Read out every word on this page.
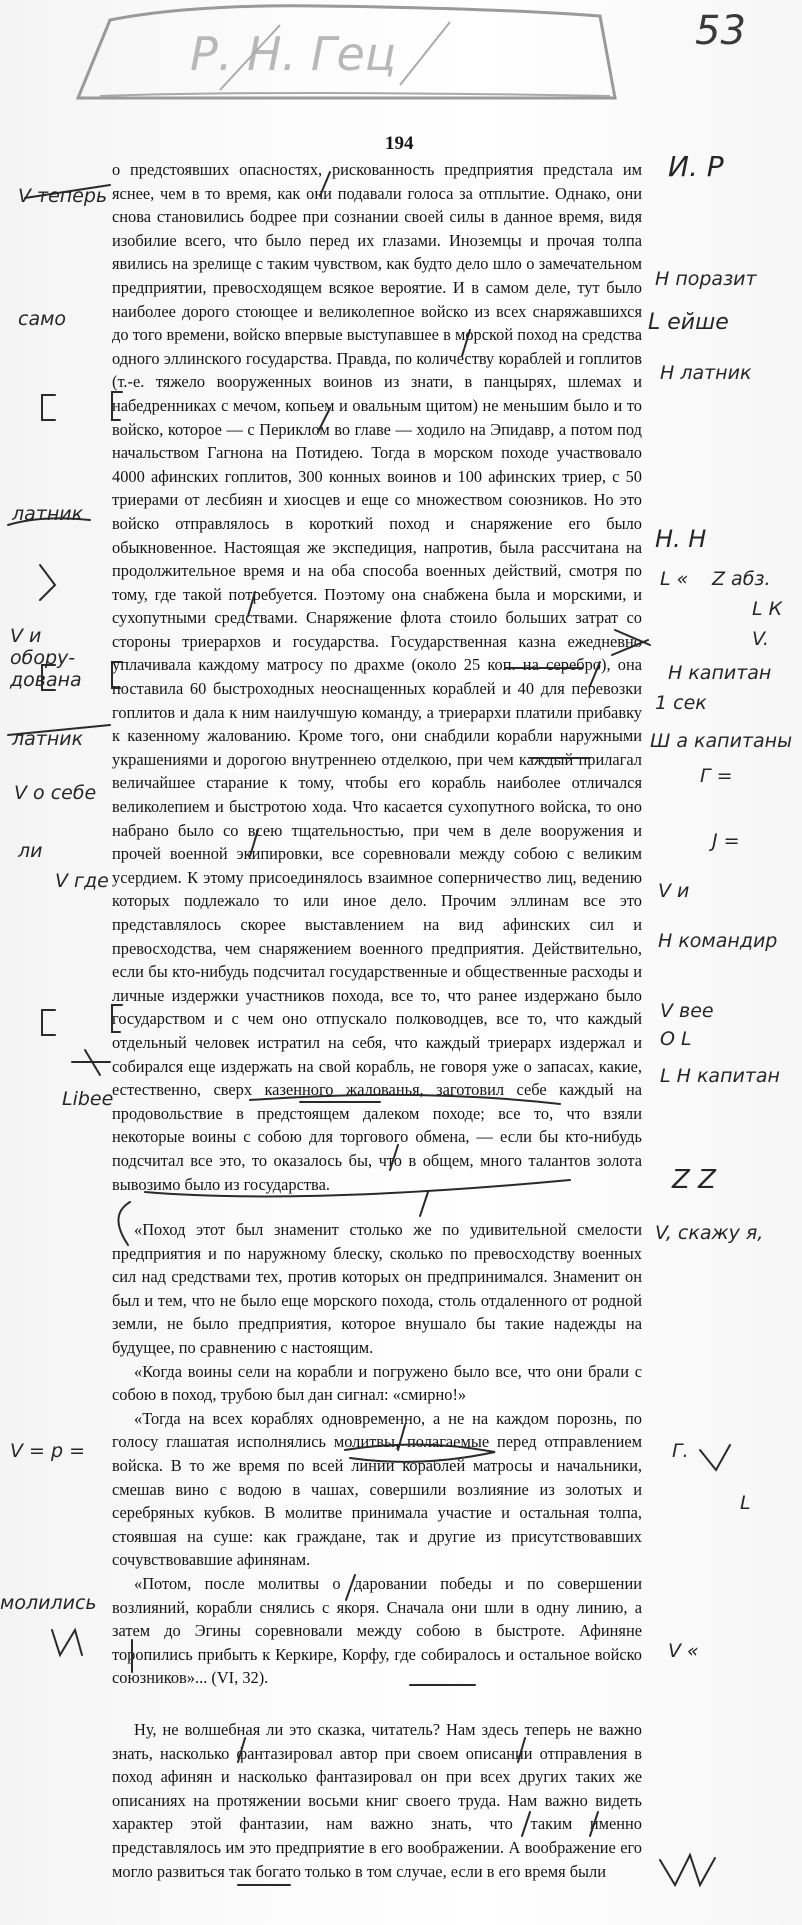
Р. Н. Гец	53
194

о предстоявших опасностях, рискованность предприятия предстала им яснее, чем в то время, как они подавали голоса за отплытие. Однако, они снова становились бодрее при сознании своей силы в данное время, видя изобилие всего, что было перед их глазами. Иноземцы и прочая толпа явились на зрелище с таким чувством, как будто дело шло о замечательном предприятии, превосходящем всякое вероятие. И в самом деле, тут было наиболее дорого стоющее и великолепное войско из всех снаряжавшихся до того времени, войско впервые выступавшее в морской поход на средства одного эллинского государства. Правда, по количеству кораблей и гоплитов (т.-е. тяжело вооруженных воинов из знати, в панцырях, шлемах и набедренниках с мечом, копьем и овальным щитом) не меньшим было и то войско, которое — с Периклом во главе — ходило на Эпидавр, а потом под начальством Гагнона на Потидею. Тогда в морском походе участвовало 4000 афинских гоплитов, 300 конных воинов и 100 афинских триер, с 50 триерами от лесбиян и хиосцев и еще со множеством союзников. Но это войско отправлялось в короткий поход и снаряжение его было обыкновенное. Настоящая же экспедиция, напротив, была рассчитана на продолжительное время и на оба способа военных действий, смотря по тому, где такой потребуется. Поэтому она снабжена была и морскими, и сухопутными средствами. Снаряжение флота стоило больших затрат со стороны триерархов и государства. Государственная казна ежедневно уплачивала каждому матросу по драхме (около 25 коп. на серебро), она поставила 60 быстроходных неоснащенных кораблей и 40 для перевозки гоплитов и дала к ним наилучшую команду, а триерархи платили прибавку к казенному жалованию. Кроме того, они снабдили корабли наружными украшениями и дорогою внутреннею отделкою, при чем каждый прилагал величайшее старание к тому, чтобы его корабль наиболее отличался великолепием и быстротою хода. Что касается сухопутного войска, то оно набрано было со всею тщательностью, при чем в деле вооружения и прочей военной экипировки, все соревновали между собою с великим усердием. К этому присоединялось взаимное соперничество лиц, ведению которых подлежало то или иное дело. Прочим эллинам все это представлялось скорее выставлением на вид афинских сил и превосходства, чем снаряжением военного предприятия. Действительно, если бы кто-нибудь подсчитал государственные и общественные расходы и личные издержки участников похода, все то, что ранее издержано было государством и с чем оно отпускало полководцев, все то, что каждый отдельный человек истратил на себя, что каждый триерарх издержал и собирался еще издержать на свой корабль, не говоря уже о запасах, какие, естественно, сверх казенного жалованья, заготовил себе каждый на продовольствие в предстоящем далеком походе; все то, что взяли некоторые воины с собою для торгового обмена, — если бы кто-нибудь подсчитал все это, то оказалось бы, что в общем, много талантов золота вывозимо было из государства.

«Поход этот был знаменит столько же по удивительной смелости предприятия и по наружному блеску, сколько по превосходству военных сил над средствами тех, против которых он предпринимался. Знаменит он был и тем, что не было еще морского похода, столь отдаленного от родной земли, не было предприятия, которое внушало бы такие надежды на будущее, по сравнению с настоящим.

«Когда воины сели на корабли и погружено было все, что они брали с собою в поход, трубою был дан сигнал: «смирно!»

«Тогда на всех кораблях одновременно, а не на каждом порознь, по голосу глашатая исполнялись молитвы, полагаемые перед отправлением войска. В то же время по всей линии кораблей матросы и начальники, смешав вино с водою в чашах, совершили возлияние из золотых и серебряных кубков. В молитве принимала участие и остальная толпа, стоявшая на суше: как граждане, так и другие из присутствовавших сочувствовавшие афинянам.

«Потом, после молитвы о даровании победы и по совершении возлияний, корабли снялись с якоря. Сначала они шли в одну линию, а затем до Эгины соревновали между собою в быстроте. Афиняне торопились прибыть к Керкире, Корфу, где собиралось и остальное войско союзников»... (VI, 32).

Ну, не волшебная ли это сказка, читатель? Нам здесь теперь не важно знать, насколько фантазировал автор при своем описании отправления в поход афинян и насколько фантазировал он при всех других таких же описаниях на протяжении восьми книг своего труда. Нам важно видеть характер этой фантазии, нам важно знать, что таким именно представлялось им это предприятие в его воображении. А воображение его могло развиться так богато только в том случае, если в его время были

V теперь
само
латник
V и обору-дована
латник
V о себе
ли
V где
Libee
V = р =
молились
И. Р
Н поразит
L ейше
Н латник
Н. Н
L « Z абз.
L К
V.
Н капитан
1 сек
Ш а капитаны
Г =
J =
V и
Н командир
V вее
O L
L Н капитан
Z Z
V, скажу я,
Г.
L
V «
